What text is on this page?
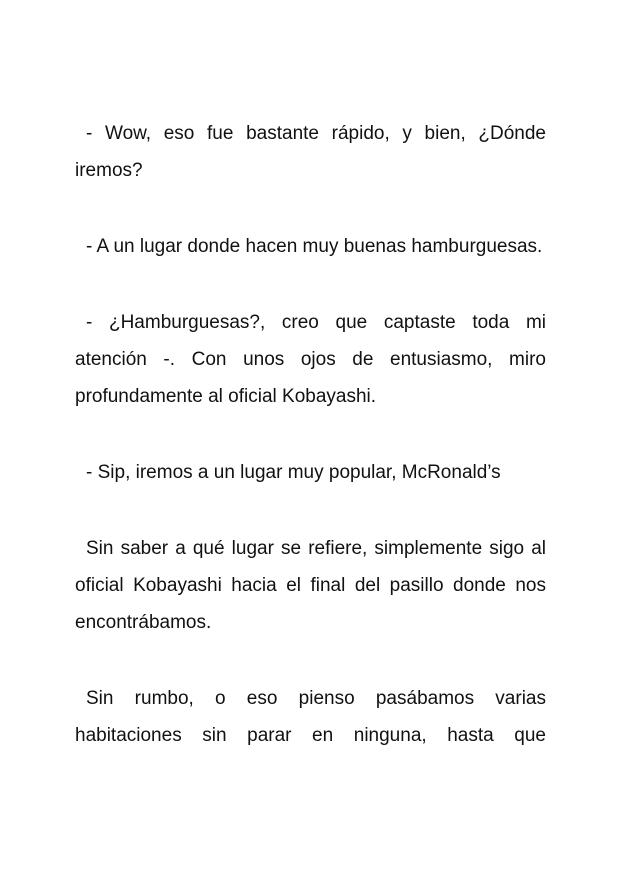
- Wow, eso fue bastante rápido, y bien, ¿Dónde iremos?

- A un lugar donde hacen muy buenas hamburguesas.

- ¿Hamburguesas?, creo que captaste toda mi atención -. Con unos ojos de entusiasmo, miro profundamente al oficial Kobayashi.

- Sip, iremos a un lugar muy popular, McRonald’s

Sin saber a qué lugar se refiere, simplemente sigo al oficial Kobayashi hacia el final del pasillo donde nos encontrábamos.

Sin rumbo, o eso pienso pasábamos varias habitaciones sin parar en ninguna, hasta que
